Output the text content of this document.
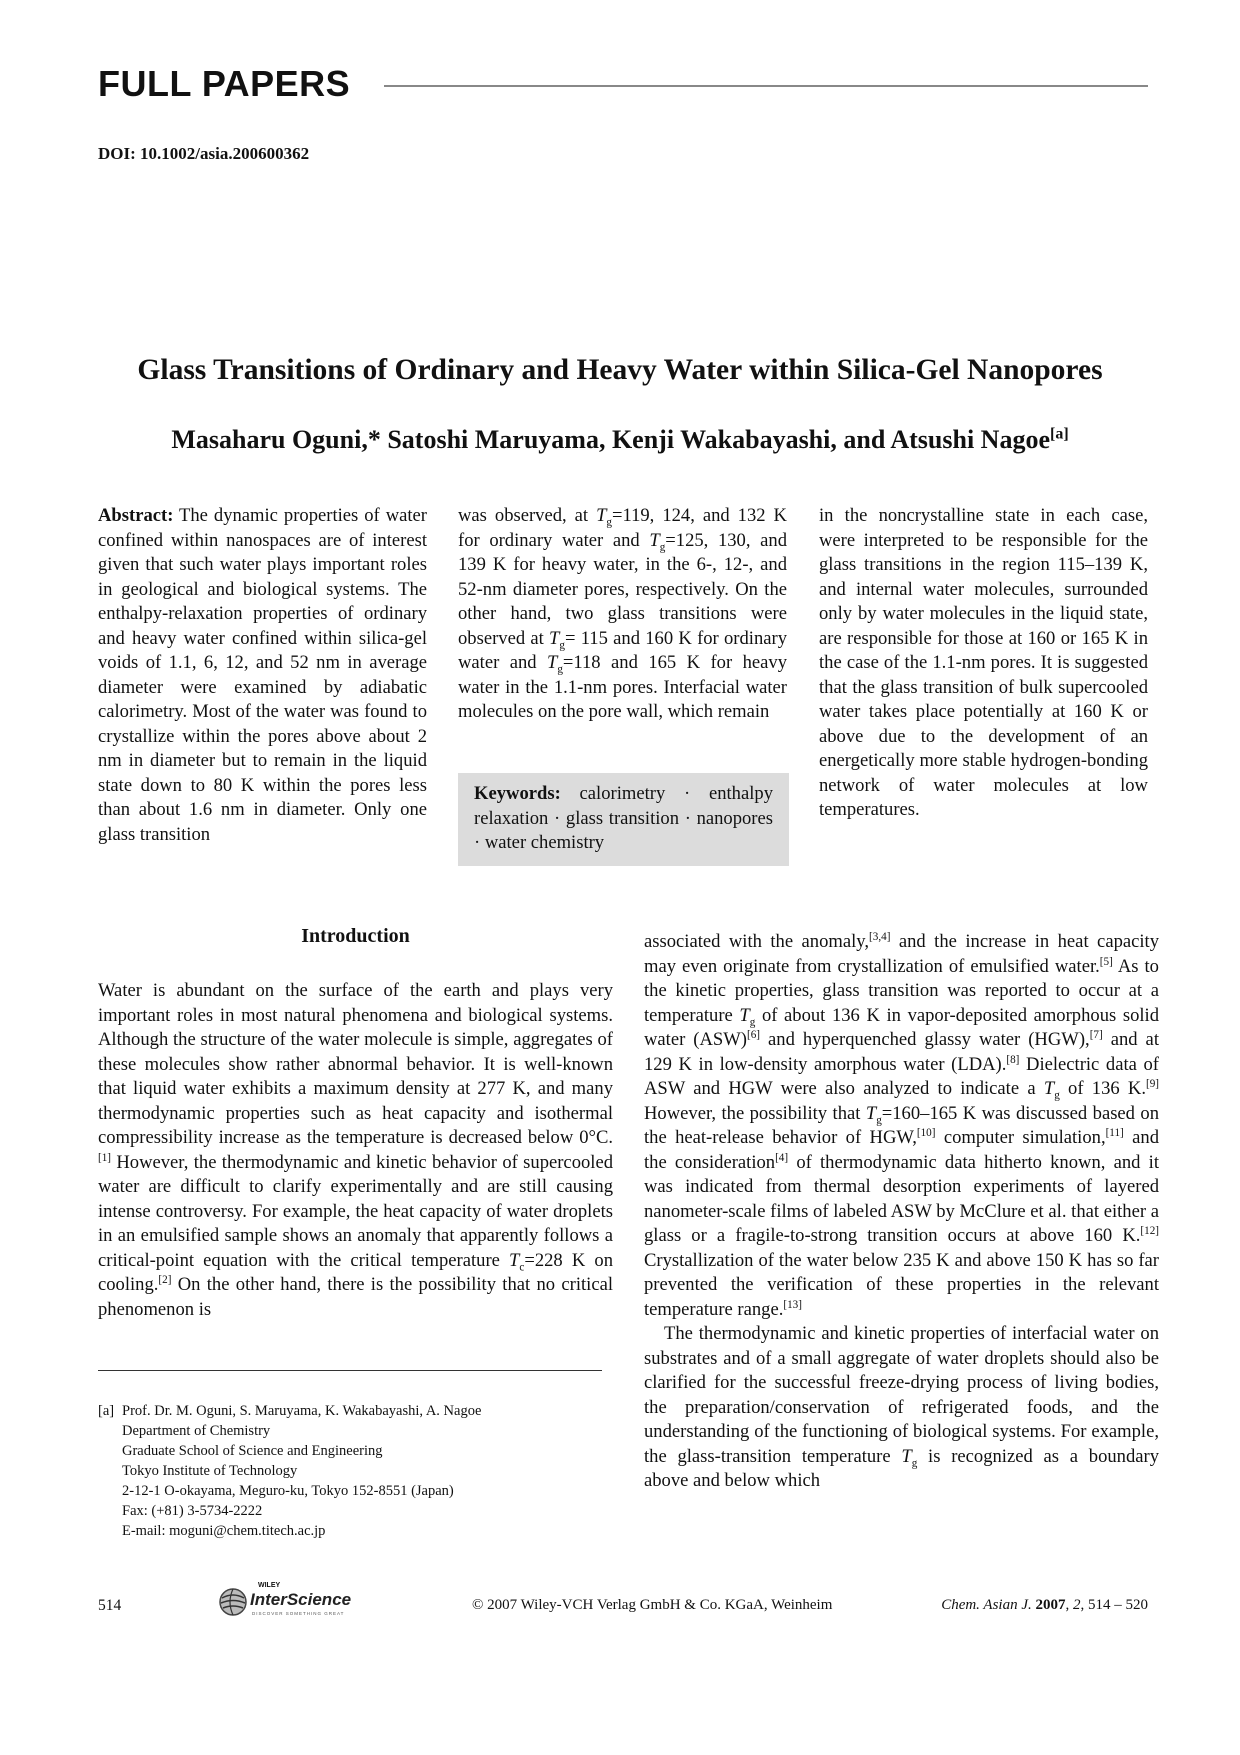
FULL PAPERS
DOI: 10.1002/asia.200600362
Glass Transitions of Ordinary and Heavy Water within Silica-Gel Nanopores
Masaharu Oguni,* Satoshi Maruyama, Kenji Wakabayashi, and Atsushi Nagoe[a]
Abstract: The dynamic properties of water confined within nanospaces are of interest given that such water plays important roles in geological and biological systems. The enthalpy-relaxation properties of ordinary and heavy water confined within silica-gel voids of 1.1, 6, 12, and 52 nm in average diameter were examined by adiabatic calorimetry. Most of the water was found to crystallize within the pores above about 2 nm in diameter but to remain in the liquid state down to 80 K within the pores less than about 1.6 nm in diameter. Only one glass transition
was observed, at $T_g=119$, 124, and 132 K for ordinary water and $T_g=125$, 130, and 139 K for heavy water, in the 6-, 12-, and 52-nm diameter pores, respectively. On the other hand, two glass transitions were observed at $T_g= 115$ and 160 K for ordinary water and $T_g=118$ and 165 K for heavy water in the 1.1-nm pores. Interfacial water molecules on the pore wall, which remain
Keywords: calorimetry · enthalpy relaxation · glass transition · nanopores · water chemistry
in the noncrystalline state in each case, were interpreted to be responsible for the glass transitions in the region 115–139 K, and internal water molecules, surrounded only by water molecules in the liquid state, are responsible for those at 160 or 165 K in the case of the 1.1-nm pores. It is suggested that the glass transition of bulk supercooled water takes place potentially at 160 K or above due to the development of an energetically more stable hydrogen-bonding network of water molecules at low temperatures.
Introduction
Water is abundant on the surface of the earth and plays very important roles in most natural phenomena and biological systems. Although the structure of the water molecule is simple, aggregates of these molecules show rather abnormal behavior. It is well-known that liquid water exhibits a maximum density at 277 K, and many thermodynamic properties such as heat capacity and isothermal compressibility increase as the temperature is decreased below 0°C.[1] However, the thermodynamic and kinetic behavior of supercooled water are difficult to clarify experimentally and are still causing intense controversy. For example, the heat capacity of water droplets in an emulsified sample shows an anomaly that apparently follows a critical-point equation with the critical temperature $T_c=228$ K on cooling.[2] On the other hand, there is the possibility that no critical phenomenon is

associated with the anomaly,[3,4] and the increase in heat capacity may even originate from crystallization of emulsified water.[5] As to the kinetic properties, glass transition was reported to occur at a temperature $T_g$ of about 136 K in vapor-deposited amorphous solid water (ASW)[6] and hyperquenched glassy water (HGW),[7] and at 129 K in low-density amorphous water (LDA).[8] Dielectric data of ASW and HGW were also analyzed to indicate a $T_g$ of 136 K.[9] However, the possibility that $T_g=160-165$ K was discussed based on the heat-release behavior of HGW,[10] computer simulation,[11] and the consideration[4] of thermodynamic data hitherto known, and it was indicated from thermal desorption experiments of layered nanometer-scale films of labeled ASW by McClure et al. that either a glass or a fragile-to-strong transition occurs at above 160 K.[12] Crystallization of the water below 235 K and above 150 K has so far prevented the verification of these properties in the relevant temperature range.[13]

The thermodynamic and kinetic properties of interfacial water on substrates and of a small aggregate of water droplets should also be clarified for the successful freeze-drying process of living bodies, the preparation/conservation of refrigerated foods, and the understanding of the functioning of biological systems. For example, the glass-transition temperature $T_g$ is recognized as a boundary above and below which

[a] Prof. Dr. M. Oguni, S. Maruyama, K. Wakabayashi, A. Nagoe
Department of Chemistry
Graduate School of Science and Engineering
Tokyo Institute of Technology
2-12-1 O-okayama, Meguro-ku, Tokyo 152-8551 (Japan)
Fax: (+81) 3-5734-2222
E-mail: moguni@chem.titech.ac.jp
514
WILEY
InterScience
DISCOVER SOMETHING GREAT
© 2007 Wiley-VCH Verlag GmbH & Co. KGaA, Weinheim	Chem. Asian J. 2007, 2, 514 – 520
